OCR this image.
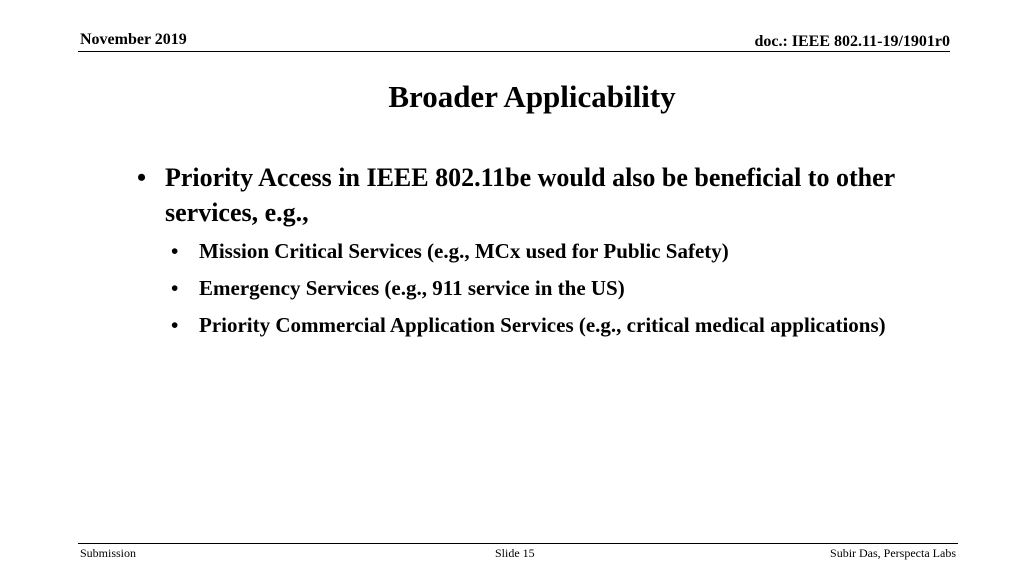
November 2019	doc.: IEEE 802.11-19/1901r0
Broader Applicability
• Priority Access in IEEE 802.11be would also be beneficial to other services, e.g.,
• Mission Critical Services (e.g., MCx used for Public Safety)
• Emergency Services (e.g., 911 service in the US)
• Priority Commercial Application Services (e.g., critical medical applications)
Submission	Slide 15	Subir Das, Perspecta Labs
